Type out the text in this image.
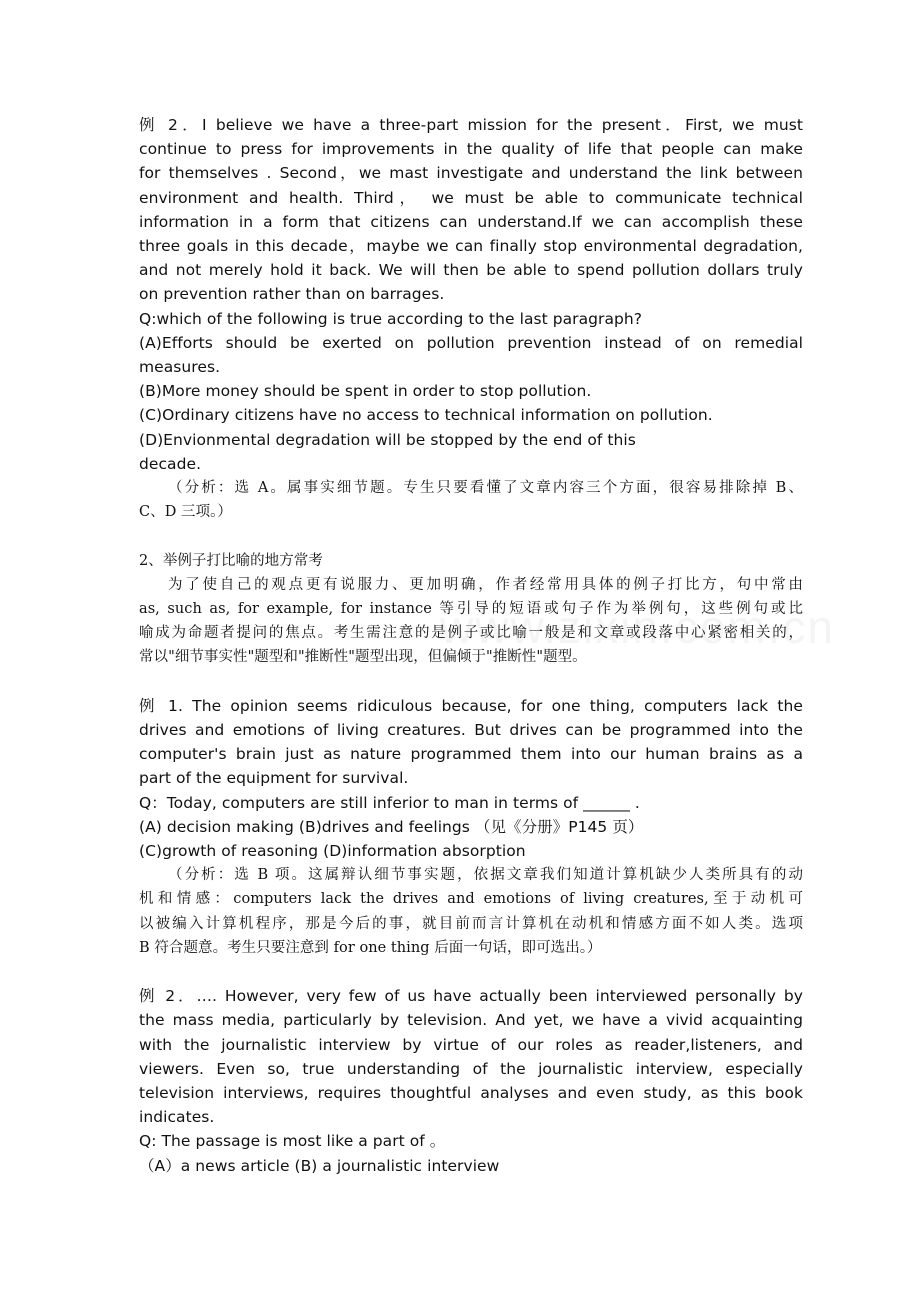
例 2．I believe we have a three-part mission for the present．First, we must
continue to press for improvements in the quality of life that people can make
for themselves . Second，we mast investigate and understand the link between
environment and health. Third， we must be able to communicate technical
information in a form that citizens can understand.If we can accomplish these
three goals in this decade，maybe we can finally stop environmental degradation,
and not merely hold it back. We will then be able to spend pollution dollars truly
on prevention rather than on barrages.
Q:which of the following is true according to the last paragraph?
(A)Efforts should be exerted on pollution prevention instead of on remedial
measures.
(B)More money should be spent in order to stop pollution.
(C)Ordinary citizens have no access to technical information on pollution.
(D)Envionmental degradation will be stopped by the end of this
decade.
（分析：选 A。属事实细节题。专生只要看懂了文章内容三个方面，很容易排除掉 B、
C、D 三项。）
2、举例子打比喻的地方常考
为了使自己的观点更有说服力、更加明确，作者经常用具体的例子打比方，句中常由
as, such as, for example, for instance 等引导的短语或句子作为举例句，这些例句或比
喻成为命题者提问的焦点。考生需注意的是例子或比喻一般是和文章或段落中心紧密相关的，
常以"细节事实性"题型和"推断性"题型出现，但偏倾于"推断性"题型。
例 1. The opinion seems ridiculous because, for one thing, computers lack the
drives and emotions of living creatures. But drives can be programmed into the
computer's brain just as nature programmed them into our human brains as a
part of the equipment for survival.
Q：Today, computers are still inferior to man in terms of ______ .
(A) decision making (B)drives and feelings （见《分册》P145 页）
(C)growth of reasoning (D)information absorption
（分析：选 B 项。这属辩认细节事实题，依据文章我们知道计算机缺少人类所具有的动
机和情感：computers lack the drives and emotions of living creatures,至于动机可
以被编入计算机程序，那是今后的事，就目前而言计算机在动机和情感方面不如人类。选项
B 符合题意。考生只要注意到 for one thing 后面一句话，即可选出。）
例 2．…. However, very few of us have actually been interviewed personally by
the mass media, particularly by television. And yet, we have a vivid acquainting
with the journalistic interview by virtue of our roles as reader,listeners, and
viewers. Even so, true understanding of the journalistic interview, especially
television interviews, requires thoughtful analyses and even study, as this book
indicates.
Q: The passage is most like a part of 。
（A）a news article (B) a journalistic interview
